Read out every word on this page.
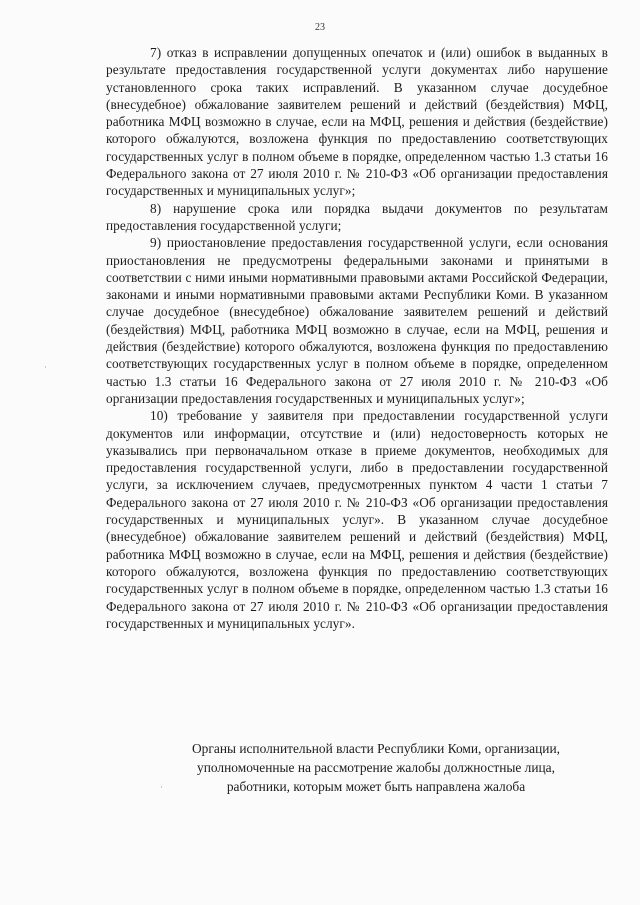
23

7) отказ в исправлении допущенных опечаток и (или) ошибок в выданных в результате предоставления государственной услуги документах либо нарушение установленного срока таких исправлений. В указанном случае досудебное (внесудебное) обжалование заявителем решений и действий (бездействия) МФЦ, работника МФЦ возможно в случае, если на МФЦ, решения и действия (бездействие) которого обжалуются, возложена функция по предоставлению соответствующих государственных услуг в полном объеме в порядке, определенном частью 1.3 статьи 16 Федерального закона от 27 июля 2010 г. № 210-ФЗ «Об организации предоставления государственных и муниципальных услуг»;

8) нарушение срока или порядка выдачи документов по результатам предоставления государственной услуги;

9) приостановление предоставления государственной услуги, если основания приостановления не предусмотрены федеральными законами и принятыми в соответствии с ними иными нормативными правовыми актами Российской Федерации, законами и иными нормативными правовыми актами Республики Коми. В указанном случае досудебное (внесудебное) обжалование заявителем решений и действий (бездействия) МФЦ, работника МФЦ возможно в случае, если на МФЦ, решения и действия (бездействие) которого обжалуются, возложена функция по предоставлению соответствующих государственных услуг в полном объеме в порядке, определенном частью 1.3 статьи 16 Федерального закона от 27 июля 2010 г. № 210-ФЗ «Об организации предоставления государственных и муниципальных услуг»;

10) требование у заявителя при предоставлении государственной услуги документов или информации, отсутствие и (или) недостоверность которых не указывались при первоначальном отказе в приеме документов, необходимых для предоставления государственной услуги, либо в предоставлении государственной услуги, за исключением случаев, предусмотренных пунктом 4 части 1 статьи 7 Федерального закона от 27 июля 2010 г. № 210-ФЗ «Об организации предоставления государственных и муниципальных услуг». В указанном случае досудебное (внесудебное) обжалование заявителем решений и действий (бездействия) МФЦ, работника МФЦ возможно в случае, если на МФЦ, решения и действия (бездействие) которого обжалуются, возложена функция по предоставлению соответствующих государственных услуг в полном объеме в порядке, определенном частью 1.3 статьи 16 Федерального закона от 27 июля 2010 г. № 210-ФЗ «Об организации предоставления государственных и муниципальных услуг».

Органы исполнительной власти Республики Коми, организации,
уполномоченные на рассмотрение жалобы должностные лица,
работники, которым может быть направлена жалоба
·
·
